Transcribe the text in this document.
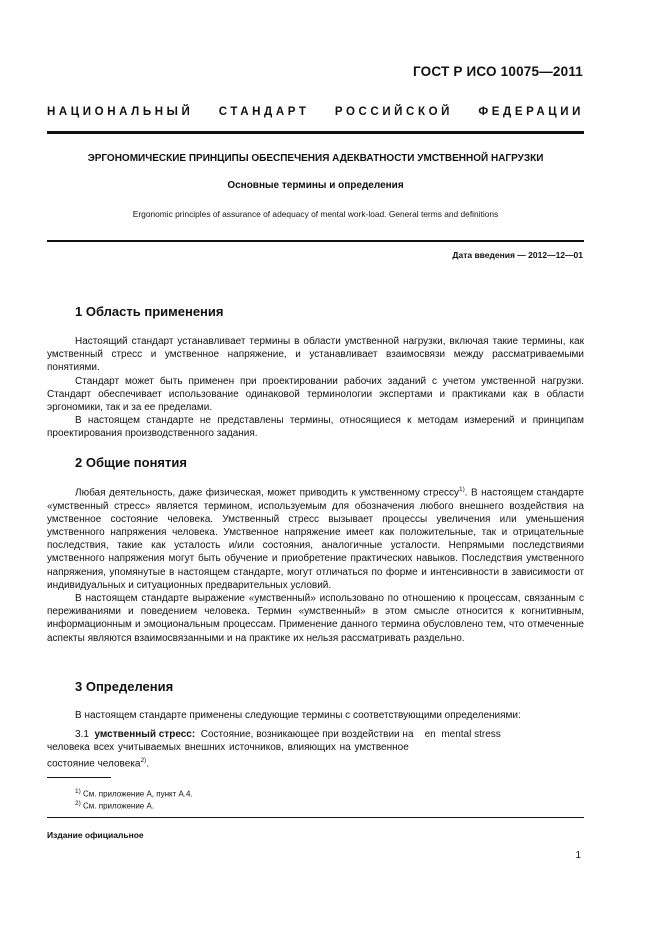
ГОСТ Р ИСО 10075—2011
НАЦИОНАЛЬНЫЙ СТАНДАРТ РОССИЙСКОЙ ФЕДЕРАЦИИ
ЭРГОНОМИЧЕСКИЕ ПРИНЦИПЫ ОБЕСПЕЧЕНИЯ АДЕКВАТНОСТИ УМСТВЕННОЙ НАГРУЗКИ
Основные термины и определения
Ergonomic principles of assurance of adequacy of mental work-load. General terms and definitions
Дата введения — 2012—12—01
1 Область применения

Настоящий стандарт устанавливает термины в области умственной нагрузки, включая такие термины, как умственный стресс и умственное напряжение, и устанавливает взаимосвязи между рассматриваемыми понятиями.

Стандарт может быть применен при проектировании рабочих заданий с учетом умственной нагрузки. Стандарт обеспечивает использование одинаковой терминологии экспертами и практиками как в области эргономики, так и за ее пределами.

В настоящем стандарте не представлены термины, относящиеся к методам измерений и принципам проектирования производственного задания.

2 Общие понятия

Любая деятельность, даже физическая, может приводить к умственному стрессу$^{1)}$. В настоящем стандарте «умственный стресс» является термином, используемым для обозначения любого внешнего воздействия на умственное состояние человека. Умственный стресс вызывает процессы увеличения или уменьшения умственного напряжения человека. Умственное напряжение имеет как положительные, так и отрицательные последствия, такие как усталость и/или состояния, аналогичные усталости. Непрямыми последствиями умственного напряжения могут быть обучение и приобретение практических навыков. Последствия умственного напряжения, упомянутые в настоящем стандарте, могут отличаться по форме и интенсивности в зависимости от индивидуальных и ситуационных предварительных условий.

В настоящем стандарте выражение «умственный» использовано по отношению к процессам, связанным с переживаниями и поведением человека. Термин «умственный» в этом смысле относится к когнитивным, информационным и эмоциональным процессам. Применение данного термина обусловлено тем, что отмеченные аспекты являются взаимосвязанными и на практике их нельзя рассматривать раздельно.

3 Определения

В настоящем стандарте применены следующие термины с соответствующими определениями:

3.1 умственный стресс: Состояние, возникающее при воздействии на en mental stress

человека всех учитываемых внешних источников, влияющих на умственное

состояние человека$^{2)}$.

$^{1)}$ См. приложение А, пункт А.4.
$^{2)}$ См. приложение А.
Издание официальное
1
